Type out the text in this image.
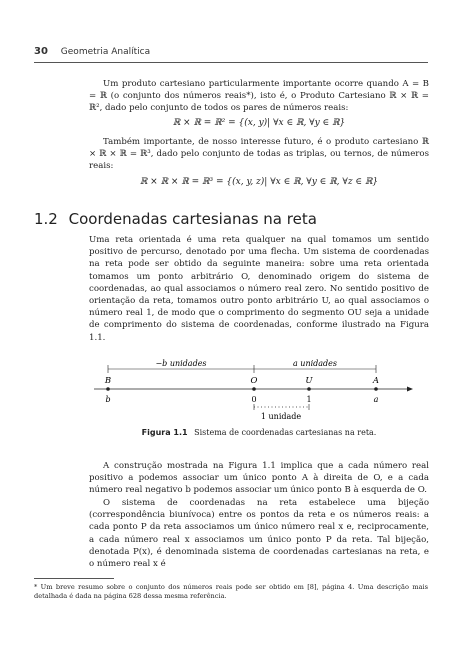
30 Geometria Analítica
Um produto cartesiano particularmente importante ocorre quando A = B = ℝ (o conjunto dos números reais*), isto é, o Produto Cartesiano ℝ × ℝ = ℝ², dado pelo conjunto de todos os pares de números reais:
ℝ × ℝ = ℝ² = {(x, y)| ∀x ∈ ℝ, ∀y ∈ ℝ}
Também importante, de nosso interesse futuro, é o produto cartesiano ℝ × ℝ × ℝ = ℝ³, dado pelo conjunto de todas as triplas, ou ternos, de números reais:
ℝ × ℝ × ℝ = ℝ³ = {(x, y, z)| ∀x ∈ ℝ, ∀y ∈ ℝ, ∀z ∈ ℝ}
1.2 Coordenadas cartesianas na reta
Uma reta orientada é uma reta qualquer na qual tomamos um sentido positivo de percurso, denotado por uma flecha. Um sistema de coordenadas na reta pode ser obtido da seguinte maneira: sobre uma reta orientada tomamos um ponto arbitrário O, denominado origem do sistema de coordenadas, ao qual associamos o número real zero. No sentido positivo de orientação da reta, tomamos outro ponto arbitrário U, ao qual associamos o número real 1, de modo que o comprimento do segmento OU seja a unidade de comprimento do sistema de coordenadas, conforme ilustrado na Figura 1.1.
−b unidades	a unidades
B	O	U	A
b	0	1	a
1 unidade
Figura 1.1 Sistema de coordenadas cartesianas na reta.
A construção mostrada na Figura 1.1 implica que a cada número real positivo a podemos associar um único ponto A à direita de O, e a cada número real negativo b podemos associar um único ponto B à esquerda de O.
O sistema de coordenadas na reta estabelece uma bijeção (correspondência biunívoca) entre os pontos da reta e os números reais: a cada ponto P da reta associamos um único número real x e, reciprocamente, a cada número real x associamos um único ponto P da reta. Tal bijeção, denotada P(x), é denominada sistema de coordenadas cartesianas na reta, e o número real x é
* Um breve resumo sobre o conjunto dos números reais pode ser obtido em [8], página 4. Uma descrição mais detalhada é dada na página 628 dessa mesma referência.
